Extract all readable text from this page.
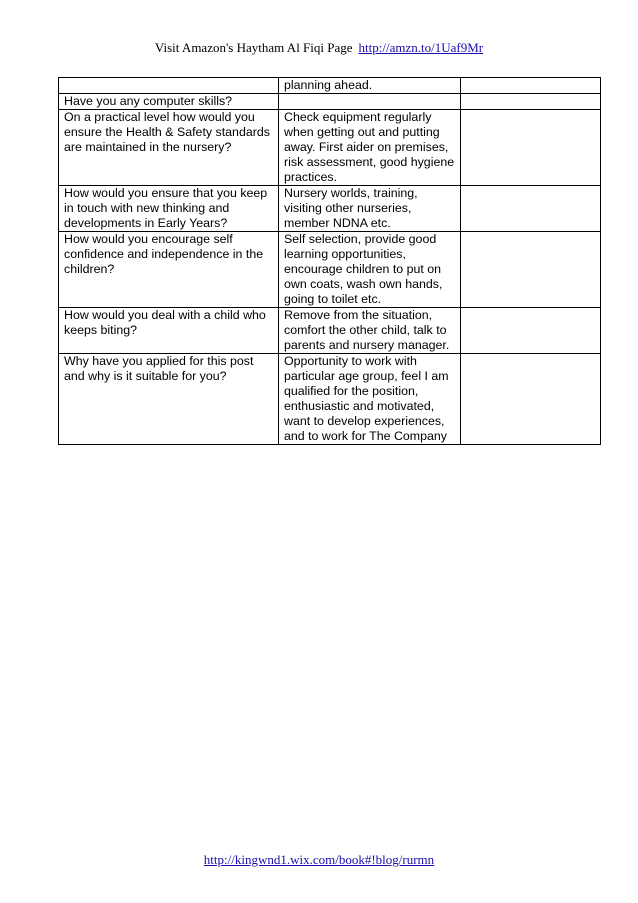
Visit Amazon's Haytham Al Fiqi Page http://amzn.to/1Uaf9Mr
	planning ahead.	
Have you any computer skills?		
On a practical level how would you ensure the Health & Safety standards are maintained in the nursery?	Check equipment regularly when getting out and putting away. First aider on premises, risk assessment, good hygiene practices.	
How would you ensure that you keep in touch with new thinking and developments in Early Years?	Nursery worlds, training, visiting other nurseries, member NDNA etc.	
How would you encourage self confidence and independence in the children?	Self selection, provide good learning opportunities, encourage children to put on own coats, wash own hands, going to toilet etc.	
How would you deal with a child who keeps biting?	Remove from the situation, comfort the other child, talk to parents and nursery manager.	
Why have you applied for this post and why is it suitable for you?	Opportunity to work with particular age group, feel I am qualified for the position, enthusiastic and motivated, want to develop experiences, and to work for The Company	
http://kingwnd1.wix.com/book#!blog/rurmn
